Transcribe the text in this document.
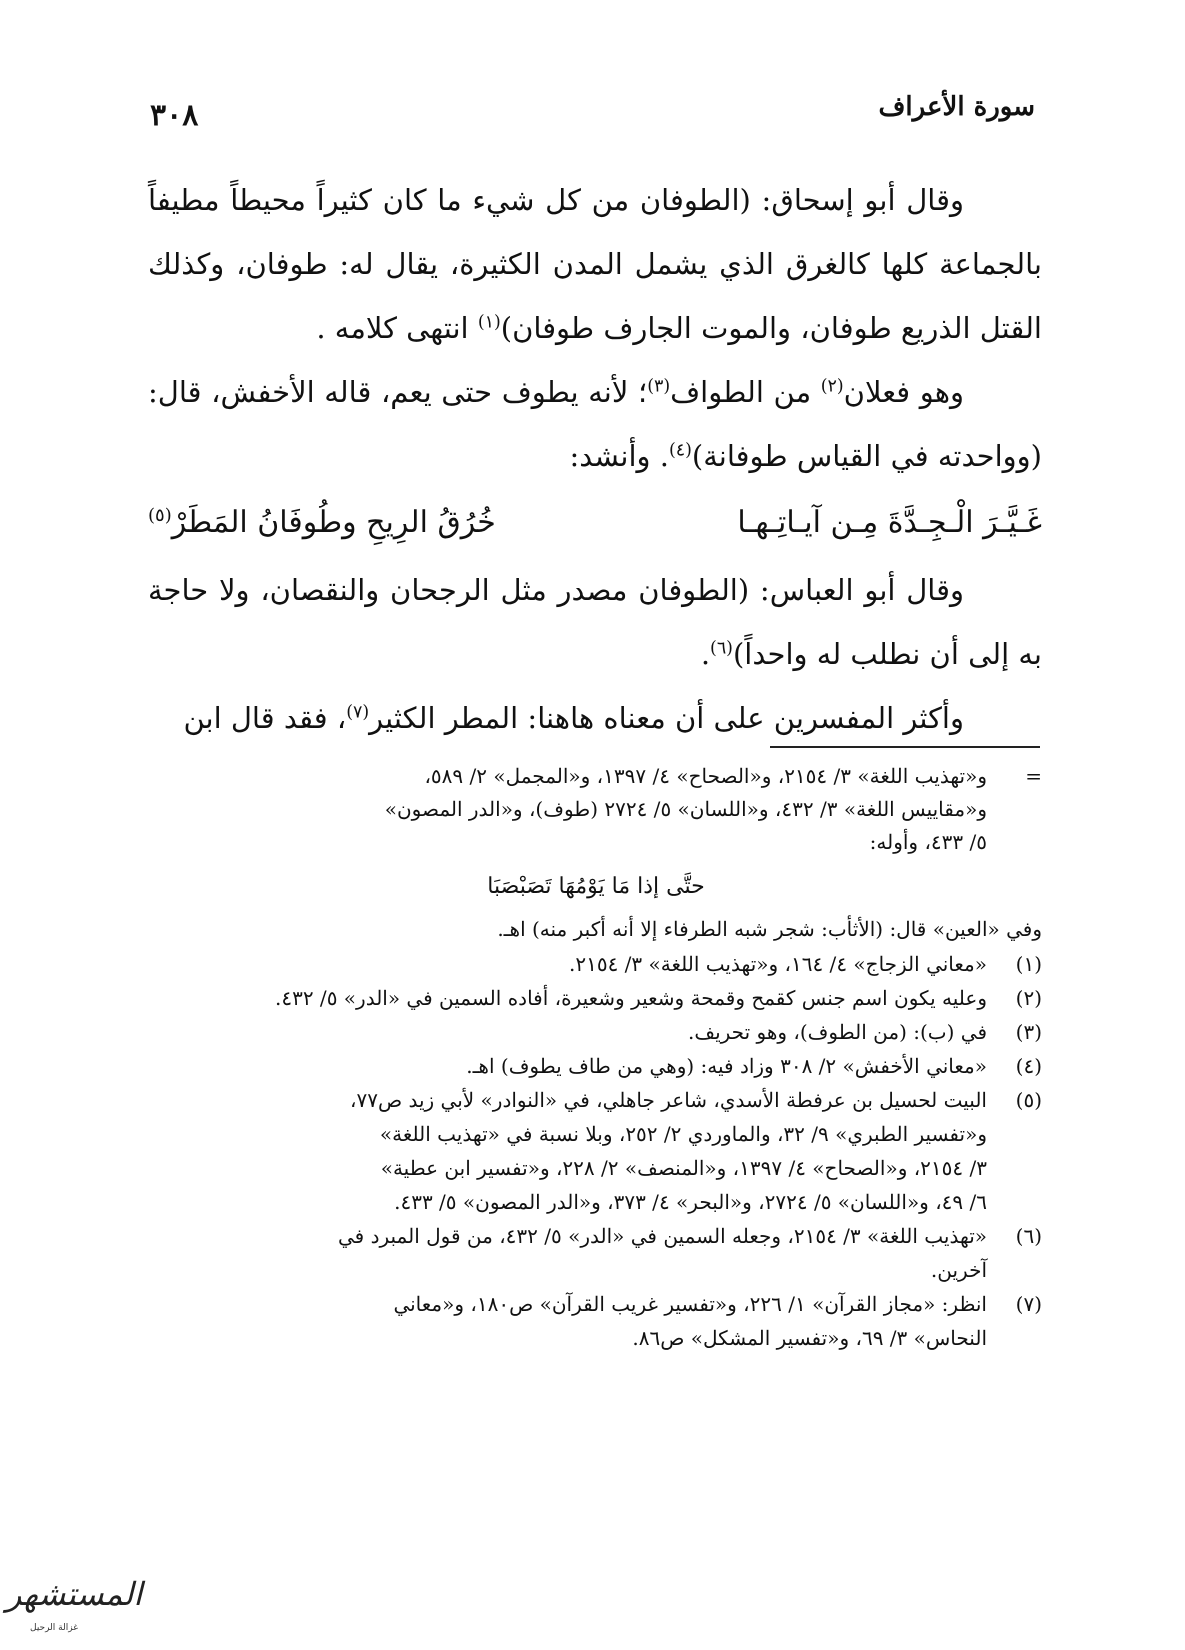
سورة الأعراف
٣٠٨

وقال أبو إسحاق: (الطوفان من كل شيء ما كان كثيراً محيطاً مطيفاً بالجماعة كلها كالغرق الذي يشمل المدن الكثيرة، يقال له: طوفان، وكذلك القتل الذريع طوفان، والموت الجارف طوفان)$^{(١)}$ انتهى كلامه .

وهو فعلان$^{(٢)}$ من الطواف$^{(٣)}$؛ لأنه يطوف حتى يعم، قاله الأخفش، قال: (وواحدته في القياس طوفانة)$^{(٤)}$. وأنشد:

غَـيَّـرَ الْـجِـدَّةَ مِـن آيـاتِـهـا
خُرُقُ الرِيحِ وطُوفَانُ المَطَرْ$^{(٥)}$

وقال أبو العباس: (الطوفان مصدر مثل الرجحان والنقصان، ولا حاجة به إلى أن نطلب له واحداً)$^{(٦)}$.

وأكثر المفسرين على أن معناه هاهنا: المطر الكثير$^{(٧)}$، فقد قال ابن

=

و«تهذيب اللغة» ٣/ ٢١٥٤، و«الصحاح» ٤/ ١٣٩٧، و«المجمل» ٢/ ٥٨٩،

و«مقاييس اللغة» ٣/ ٤٣٢، و«اللسان» ٥/ ٢٧٢٤ (طوف)، و«الدر المصون»

٥/ ٤٣٣، وأوله:

حتَّى إذا مَا يَوْمُهَا تَصَبْصَبَا

وفي «العين» قال: (الأثأب: شجر شبه الطرفاء إلا أنه أكبر منه) اهـ.

(١)

«معاني الزجاج» ٤/ ١٦٤، و«تهذيب اللغة» ٣/ ٢١٥٤.

(٢)

وعليه يكون اسم جنس كقمح وقمحة وشعير وشعيرة، أفاده السمين في «الدر» ٥/ ٤٣٢.

(٣)

في (ب): (من الطوف)، وهو تحريف.

(٤)

«معاني الأخفش» ٢/ ٣٠٨ وزاد فيه: (وهي من طاف يطوف) اهـ.

(٥)

البيت لحسيل بن عرفطة الأسدي، شاعر جاهلي، في «النوادر» لأبي زيد ص٧٧،

و«تفسير الطبري» ٩/ ٣٢، والماوردي ٢/ ٢٥٢، وبلا نسبة في «تهذيب اللغة»

٣/ ٢١٥٤، و«الصحاح» ٤/ ١٣٩٧، و«المنصف» ٢/ ٢٢٨، و«تفسير ابن عطية»

٦/ ٤٩، و«اللسان» ٥/ ٢٧٢٤، و«البحر» ٤/ ٣٧٣، و«الدر المصون» ٥/ ٤٣٣.

(٦)

«تهذيب اللغة» ٣/ ٢١٥٤، وجعله السمين في «الدر» ٥/ ٤٣٢، من قول المبرد في

آخرين.

(٧)

انظر: «مجاز القرآن» ١/ ٢٢٦، و«تفسير غريب القرآن» ص١٨٠، و«معاني

النحاس» ٣/ ٦٩، و«تفسير المشكل» ص٨٦.

المستشهر
غزالة الرحيل
